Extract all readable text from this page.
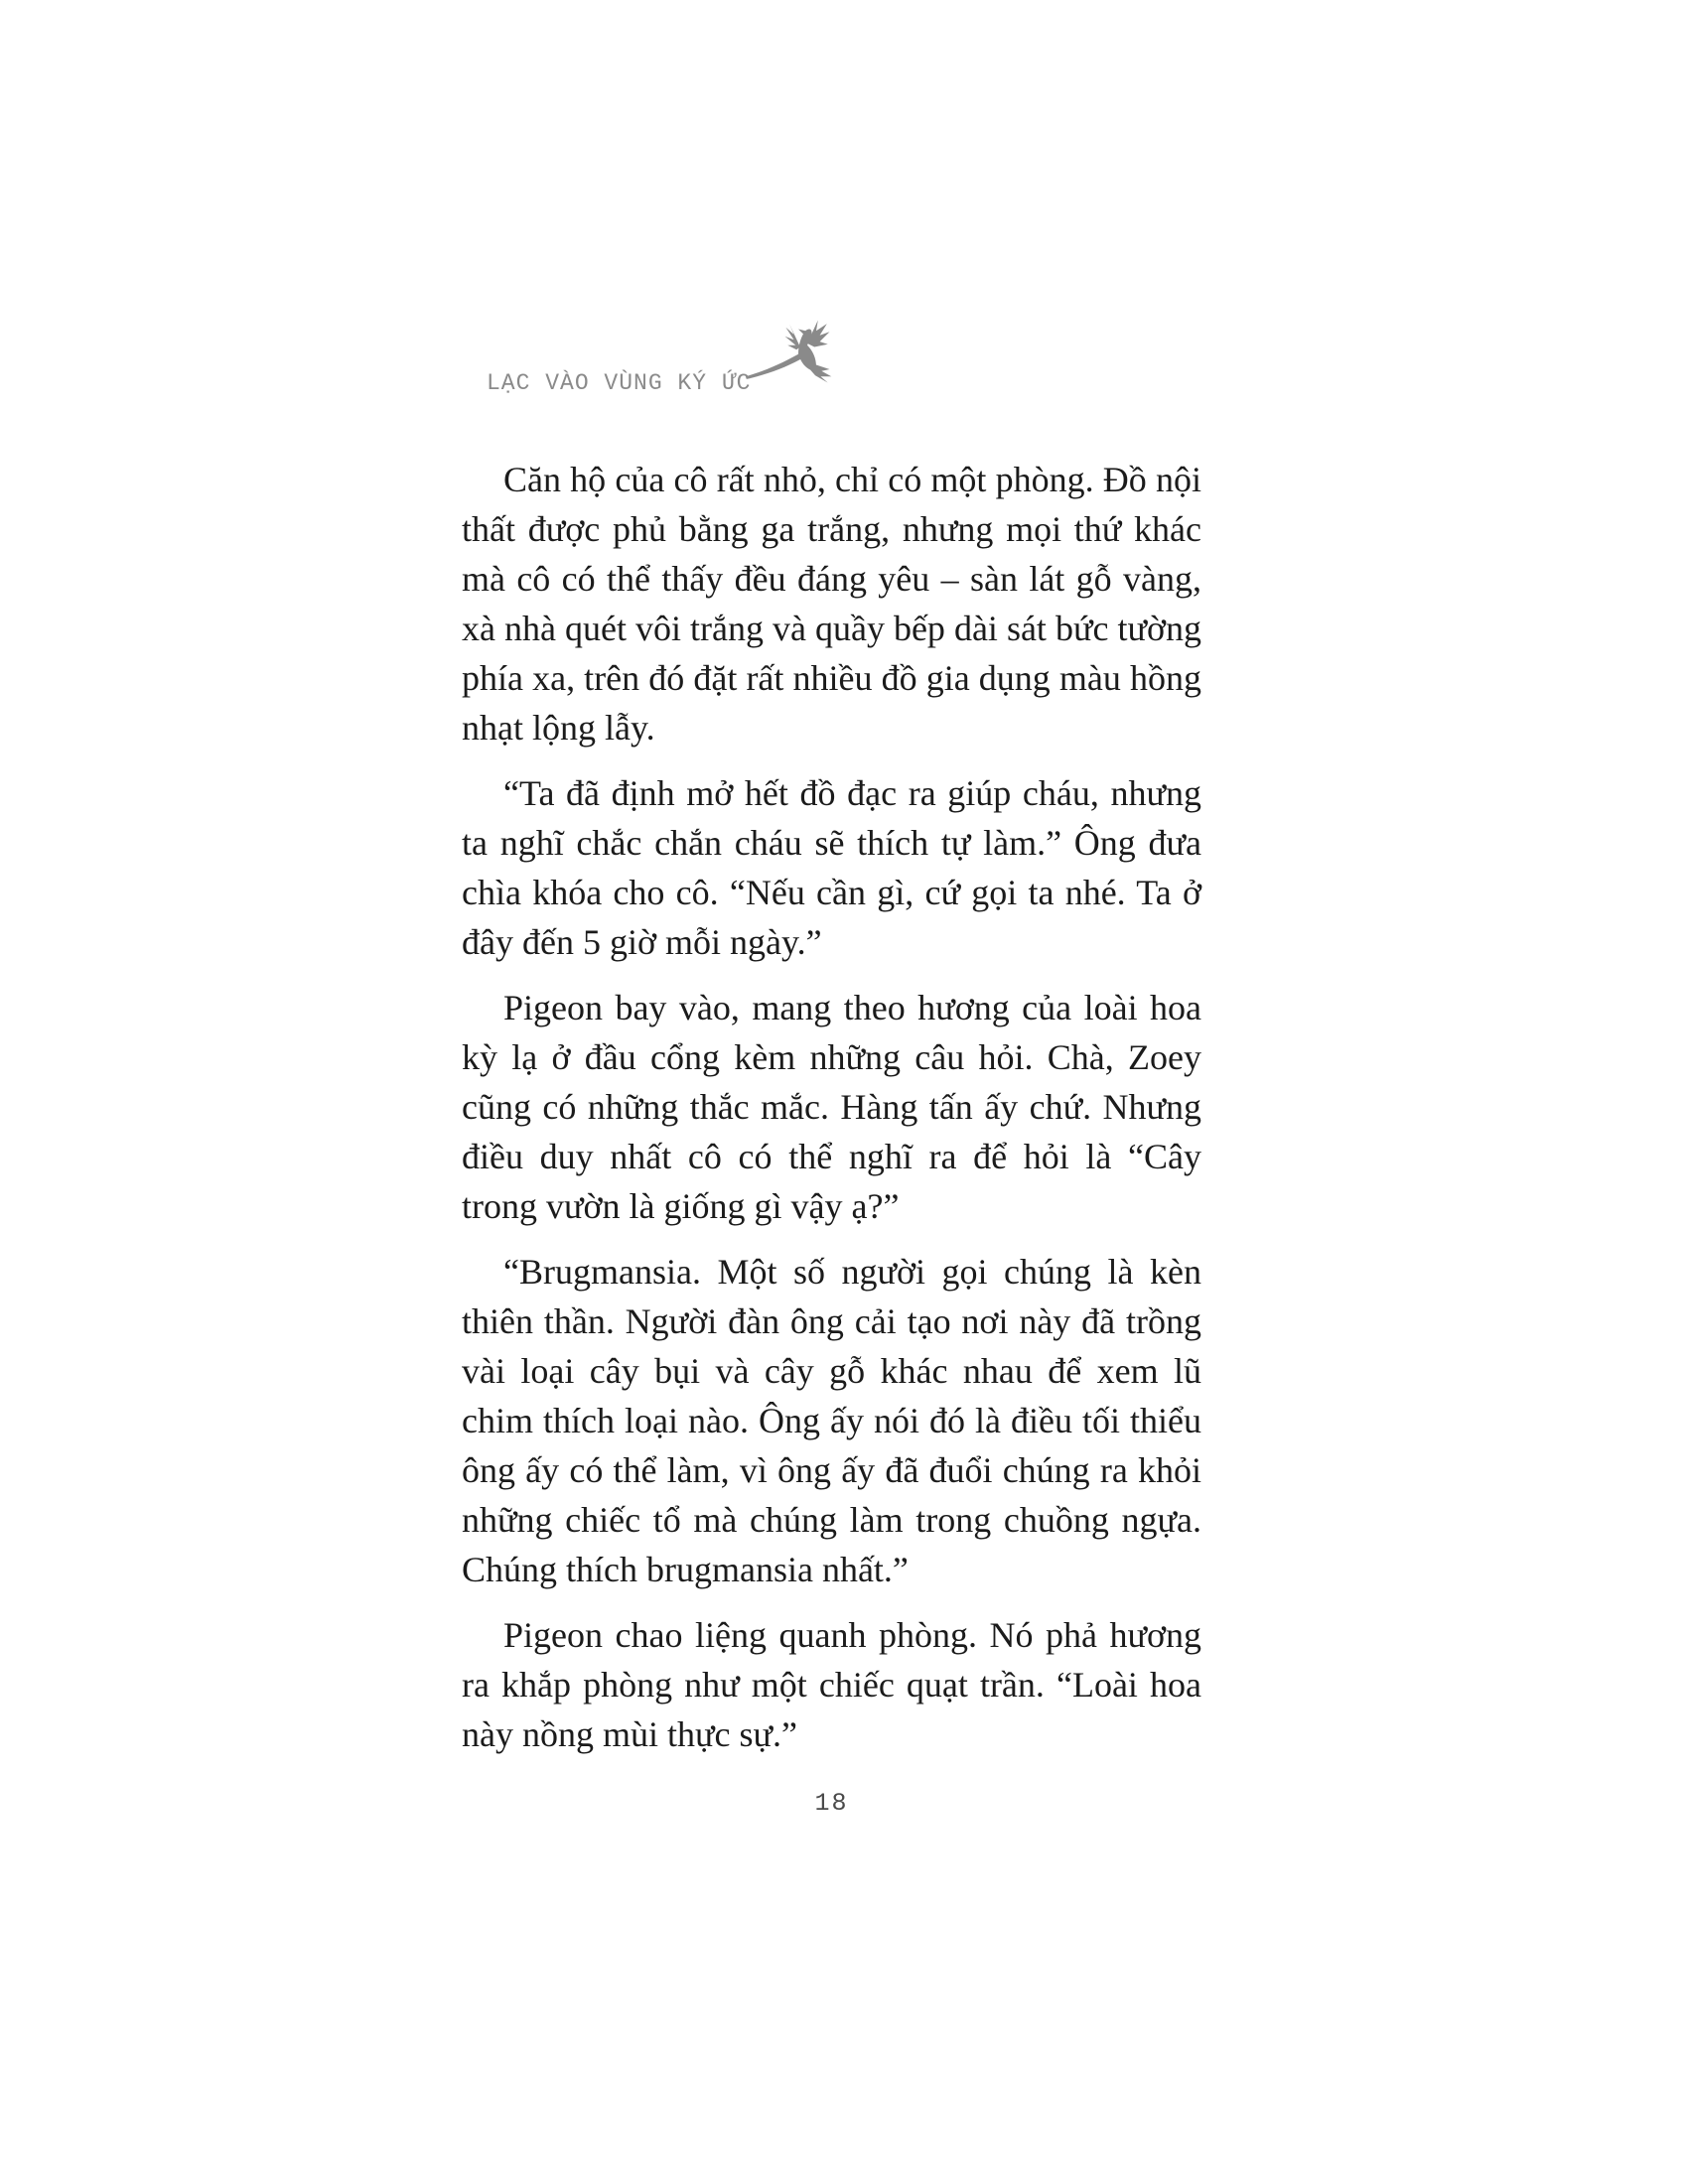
LẠC VÀO VÙNG KÝ ỨC

Căn hộ của cô rất nhỏ, chỉ có một phòng. Đồ nội thất được phủ bằng ga trắng, nhưng mọi thứ khác mà cô có thể thấy đều đáng yêu – sàn lát gỗ vàng, xà nhà quét vôi trắng và quầy bếp dài sát bức tường phía xa, trên đó đặt rất nhiều đồ gia dụng màu hồng nhạt lộng lẫy.

“Ta đã định mở hết đồ đạc ra giúp cháu, nhưng ta nghĩ chắc chắn cháu sẽ thích tự làm.” Ông đưa chìa khóa cho cô. “Nếu cần gì, cứ gọi ta nhé. Ta ở đây đến 5 giờ mỗi ngày.”

Pigeon bay vào, mang theo hương của loài hoa kỳ lạ ở đầu cổng kèm những câu hỏi. Chà, Zoey cũng có những thắc mắc. Hàng tấn ấy chứ. Nhưng điều duy nhất cô có thể nghĩ ra để hỏi là “Cây trong vườn là giống gì vậy ạ?”

“Brugmansia. Một số người gọi chúng là kèn thiên thần. Người đàn ông cải tạo nơi này đã trồng vài loại cây bụi và cây gỗ khác nhau để xem lũ chim thích loại nào. Ông ấy nói đó là điều tối thiểu ông ấy có thể làm, vì ông ấy đã đuổi chúng ra khỏi những chiếc tổ mà chúng làm trong chuồng ngựa. Chúng thích brugmansia nhất.”

Pigeon chao liệng quanh phòng. Nó phả hương ra khắp phòng như một chiếc quạt trần. “Loài hoa này nồng mùi thực sự.”

18
